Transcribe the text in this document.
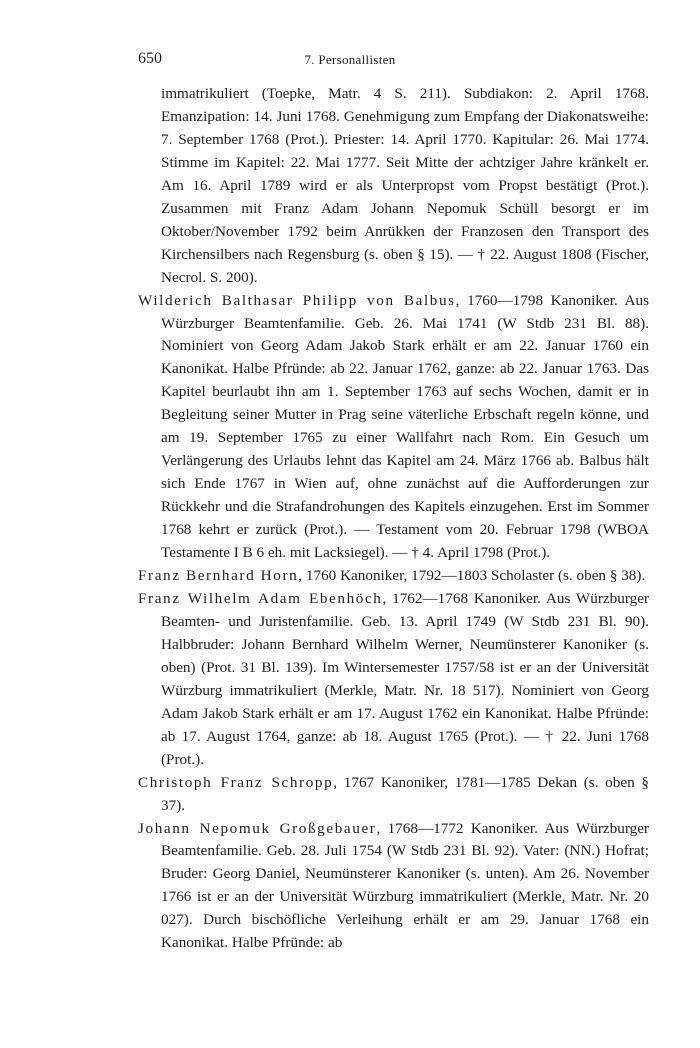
650	7. Personallisten

immatrikuliert (Toepke, Matr. 4 S. 211). Subdiakon: 2. April 1768. Emanzipation: 14. Juni 1768. Genehmigung zum Empfang der Diakonatsweihe: 7. September 1768 (Prot.). Priester: 14. April 1770. Kapitular: 26. Mai 1774. Stimme im Kapitel: 22. Mai 1777. Seit Mitte der achtziger Jahre kränkelt er. Am 16. April 1789 wird er als Unterpropst vom Propst bestätigt (Prot.). Zusammen mit Franz Adam Johann Nepomuk Schüll besorgt er im Oktober/November 1792 beim Anrükken der Franzosen den Transport des Kirchensilbers nach Regensburg (s. oben § 15). — † 22. August 1808 (Fischer, Necrol. S. 200).

Wilderich Balthasar Philipp von Balbus, 1760—1798 Kanoniker. Aus Würzburger Beamtenfamilie. Geb. 26. Mai 1741 (W Stdb 231 Bl. 88). Nominiert von Georg Adam Jakob Stark erhält er am 22. Januar 1760 ein Kanonikat. Halbe Pfründe: ab 22. Januar 1762, ganze: ab 22. Januar 1763. Das Kapitel beurlaubt ihn am 1. September 1763 auf sechs Wochen, damit er in Begleitung seiner Mutter in Prag seine väterliche Erbschaft regeln könne, und am 19. September 1765 zu einer Wallfahrt nach Rom. Ein Gesuch um Verlängerung des Urlaubs lehnt das Kapitel am 24. März 1766 ab. Balbus hält sich Ende 1767 in Wien auf, ohne zunächst auf die Aufforderungen zur Rückkehr und die Strafandrohungen des Kapitels einzugehen. Erst im Sommer 1768 kehrt er zurück (Prot.). — Testament vom 20. Februar 1798 (WBOA Testamente I B 6 eh. mit Lacksiegel). — † 4. April 1798 (Prot.).

Franz Bernhard Horn, 1760 Kanoniker, 1792—1803 Scholaster (s. oben § 38).

Franz Wilhelm Adam Ebenhöch, 1762—1768 Kanoniker. Aus Würzburger Beamten- und Juristenfamilie. Geb. 13. April 1749 (W Stdb 231 Bl. 90). Halbbruder: Johann Bernhard Wilhelm Werner, Neumünsterer Kanoniker (s. oben) (Prot. 31 Bl. 139). Im Wintersemester 1757/58 ist er an der Universität Würzburg immatrikuliert (Merkle, Matr. Nr. 18 517). Nominiert von Georg Adam Jakob Stark erhält er am 17. August 1762 ein Kanonikat. Halbe Pfründe: ab 17. August 1764, ganze: ab 18. August 1765 (Prot.). — † 22. Juni 1768 (Prot.).

Christoph Franz Schropp, 1767 Kanoniker, 1781—1785 Dekan (s. oben § 37).

Johann Nepomuk Großgebauer, 1768—1772 Kanoniker. Aus Würzburger Beamtenfamilie. Geb. 28. Juli 1754 (W Stdb 231 Bl. 92). Vater: (NN.) Hofrat; Bruder: Georg Daniel, Neumünsterer Kanoniker (s. unten). Am 26. November 1766 ist er an der Universität Würzburg immatrikuliert (Merkle, Matr. Nr. 20 027). Durch bischöfliche Verleihung erhält er am 29. Januar 1768 ein Kanonikat. Halbe Pfründe: ab
